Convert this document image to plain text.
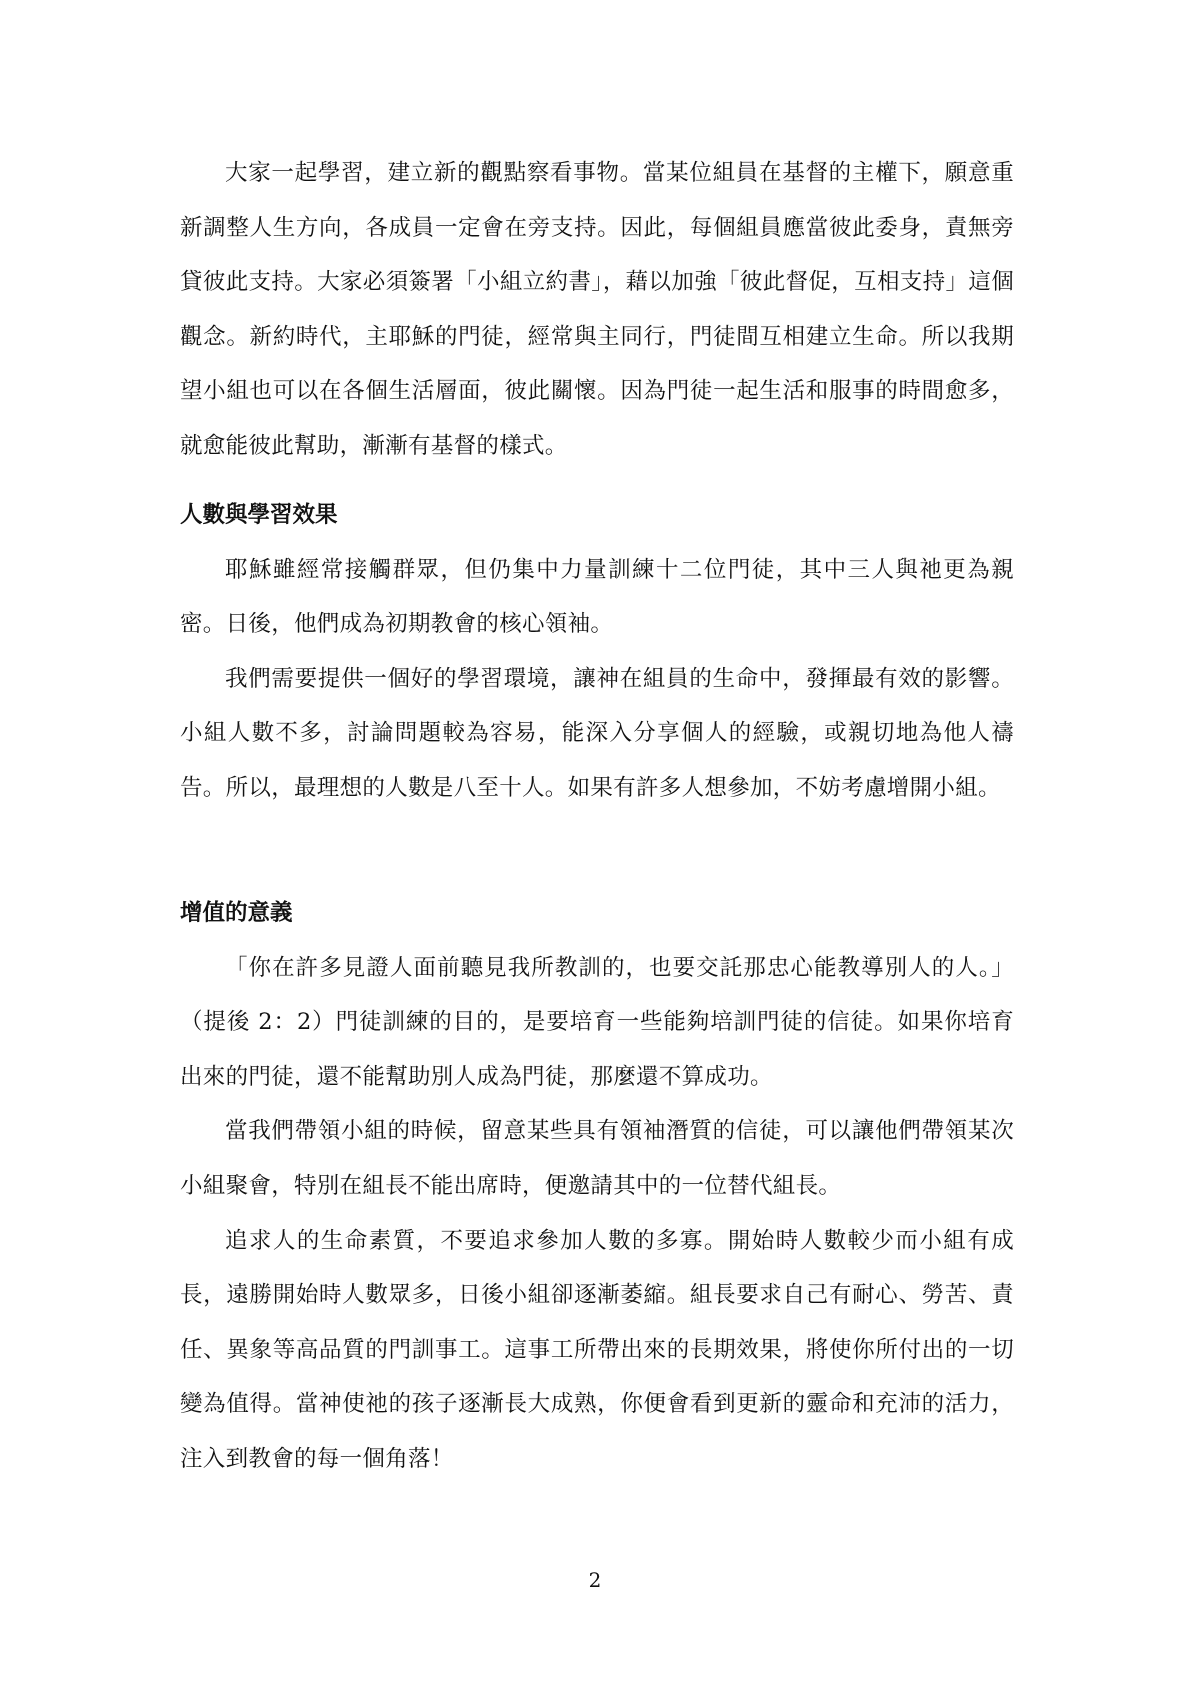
大家一起學習，建立新的觀點察看事物。當某位組員在基督的主權下，願意重新調整人生方向，各成員一定會在旁支持。因此，每個組員應當彼此委身，責無旁貸彼此支持。大家必須簽署「小組立約書」，藉以加強「彼此督促，互相支持」這個觀念。新約時代，主耶穌的門徒，經常與主同行，門徒間互相建立生命。所以我期望小組也可以在各個生活層面，彼此關懷。因為門徒一起生活和服事的時間愈多，就愈能彼此幫助，漸漸有基督的樣式。

人數與學習效果

耶穌雖經常接觸群眾，但仍集中力量訓練十二位門徒，其中三人與祂更為親密。日後，他們成為初期教會的核心領袖。

我們需要提供一個好的學習環境，讓神在組員的生命中，發揮最有效的影響。小組人數不多，討論問題較為容易，能深入分享個人的經驗，或親切地為他人禱告。所以，最理想的人數是八至十人。如果有許多人想參加，不妨考慮增開小組。

增值的意義

「你在許多見證人面前聽見我所教訓的，也要交託那忠心能教導別人的人。」（提後 2：2）門徒訓練的目的，是要培育一些能夠培訓門徒的信徒。如果你培育出來的門徒，還不能幫助別人成為門徒，那麼還不算成功。

當我們帶領小組的時候，留意某些具有領袖潛質的信徒，可以讓他們帶領某次小組聚會，特別在組長不能出席時，便邀請其中的一位替代組長。

追求人的生命素質，不要追求參加人數的多寡。開始時人數較少而小組有成長，遠勝開始時人數眾多，日後小組卻逐漸萎縮。組長要求自己有耐心、勞苦、責任、異象等高品質的門訓事工。這事工所帶出來的長期效果，將使你所付出的一切變為值得。當神使祂的孩子逐漸長大成熟，你便會看到更新的靈命和充沛的活力，注入到教會的每一個角落！

2
